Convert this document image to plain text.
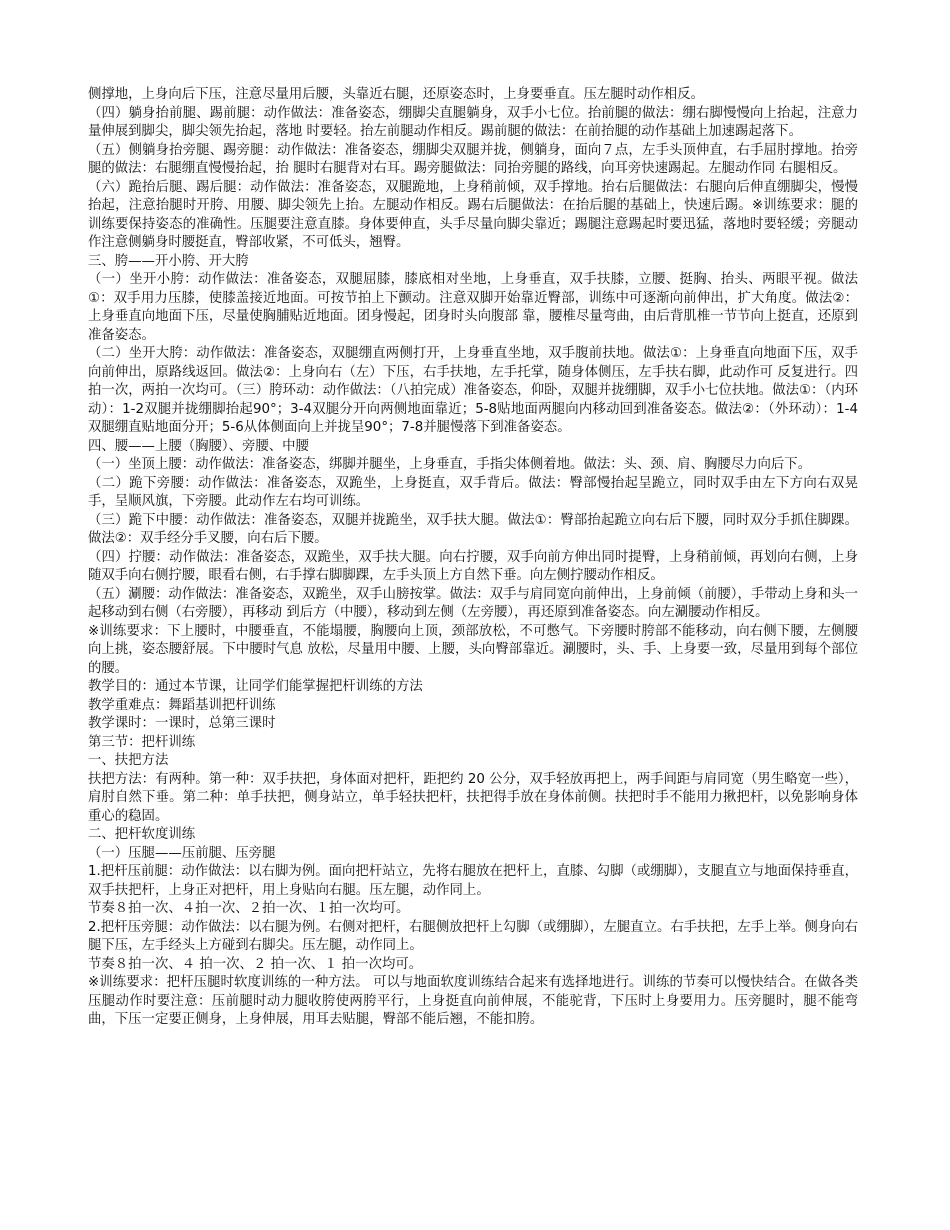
侧撑地，上身向后下压，注意尽量用后腰，头靠近右腿，还原姿态时，上身要垂直。压左腿时动作相反。

（四）躺身抬前腿、踢前腿：动作做法：准备姿态，绷脚尖直腿躺身，双手小七位。抬前腿的做法：绷右脚慢慢向上抬起，注意力量伸展到脚尖，脚尖领先抬起，落地 时要轻。抬左前腿动作相反。踢前腿的做法：在前抬腿的动作基础上加速踢起落下。

（五）侧躺身抬旁腿、踢旁腿：动作做法：准备姿态，绷脚尖双腿并拢，侧躺身，面向７点，左手头顶伸直，右手屈肘撑地。抬旁腿的做法：右腿绷直慢慢抬起，抬 腿时右腿背对右耳。踢旁腿做法：同抬旁腿的路线，向耳旁快速踢起。左腿动作同 右腿相反。

（六）跪抬后腿、踢后腿：动作做法：准备姿态，双腿跪地，上身稍前倾，双手撑地。抬右后腿做法：右腿向后伸直绷脚尖，慢慢抬起，注意抬腿时开胯、用腰、脚尖领先上抬。左腿动作相反。踢右后腿做法：在抬后腿的基础上，快速后踢。※训练要求：腿的训练要保持姿态的准确性。压腿要注意直膝。身体要伸直，头手尽量向脚尖靠近；踢腿注意踢起时要迅猛，落地时要轻缓；旁腿动作注意侧躺身时腰挺直，臀部收紧，不可低头，翘臀。

三、胯——开小胯、开大胯

（一）坐开小胯：动作做法：准备姿态，双腿屈膝，膝底相对坐地，上身垂直，双手扶膝，立腰、挺胸、抬头、两眼平视。做法①：双手用力压膝，使膝盖接近地面。可按节拍上下颤动。注意双脚开始靠近臀部，训练中可逐渐向前伸出，扩大角度。做法②：上身垂直向地面下压，尽量使胸脯贴近地面。团身慢起，团身时头向腹部 靠，腰椎尽量弯曲，由后背肌椎一节节向上挺直，还原到准备姿态。

（二）坐开大胯：动作做法：准备姿态，双腿绷直两侧打开，上身垂直坐地，双手腹前扶地。做法①：上身垂直向地面下压，双手向前伸出，原路线返回。做法②：上身向右（左）下压，右手扶地，左手托掌，随身体侧压，左手扶右脚，此动作可 反复进行。四拍一次，两拍一次均可。（三）胯环动：动作做法：（八拍完成）准备姿态，仰卧，双腿并拢绷脚，双手小七位扶地。做法①：（内环动）：1-2双腿并拢绷脚抬起90°；3-4双腿分开向两侧地面靠近；5-8贴地面两腿向内移动回到准备姿态。做法②：（外环动）：1-4 双腿绷直贴地面分开；5-6从体侧面向上并拢呈90°；7-8并腿慢落下到准备姿态。

四、腰——上腰（胸腰）、旁腰、中腰

（一）坐顶上腰：动作做法：准备姿态，绑脚并腿坐，上身垂直，手指尖体侧着地。做法：头、颈、肩、胸腰尽力向后下。

（二）跪下旁腰：动作做法：准备姿态，双跪坐，上身挺直，双手背后。做法：臀部慢抬起呈跪立，同时双手由左下方向右双晃手，呈顺风旗，下旁腰。此动作左右均可训练。

（三）跪下中腰：动作做法：准备姿态，双腿并拢跪坐，双手扶大腿。做法①：臀部抬起跪立向右后下腰，同时双分手抓住脚踝。做法②：双手经分手叉腰，向右后下腰。

（四）拧腰：动作做法：准备姿态，双跪坐，双手扶大腿。向右拧腰，双手向前方伸出同时提臀，上身稍前倾，再划向右侧，上身随双手向右侧拧腰，眼看右侧，右手撑右脚脚踝，左手头顶上方自然下垂。向左侧拧腰动作相反。

（五）涮腰：动作做法：准备姿态，双跪坐，双手山膀按掌。做法：双手与肩同宽向前伸出，上身前倾（前腰），手带动上身和头一起移动到右侧（右旁腰），再移动 到后方（中腰），移动到左侧（左旁腰），再还原到准备姿态。向左涮腰动作相反。

※训练要求：下上腰时，中腰垂直，不能塌腰，胸腰向上顶，颈部放松，不可憋气。下旁腰时胯部不能移动，向右侧下腰，左侧腰向上挑，姿态腰舒展。下中腰时气息 放松，尽量用中腰、上腰，头向臀部靠近。涮腰时，头、手、上身要一致，尽量用到每个部位的腰。

教学目的：通过本节课，让同学们能掌握把杆训练的方法

教学重难点：舞蹈基训把杆训练

教学课时：一课时，总第三课时

第三节：把杆训练

一、扶把方法

扶把方法：有两种。第一种：双手扶把，身体面对把杆，距把约 20 公分，双手轻放再把上，两手间距与肩同宽（男生略宽一些），肩肘自然下垂。第二种：单手扶把，侧身站立，单手轻扶把杆，扶把得手放在身体前侧。扶把时手不能用力揪把杆，以免影响身体重心的稳固。

二、把杆软度训练

（一）压腿——压前腿、压旁腿

1.把杆压前腿：动作做法：以右脚为例。面向把杆站立，先将右腿放在把杆上，直膝、勾脚（或绷脚），支腿直立与地面保持垂直，双手扶把杆，上身正对把杆，用上身贴向右腿。压左腿，动作同上。

节奏８拍一次、４拍一次、２拍一次、１拍一次均可。

2.把杆压旁腿：动作做法：以右腿为例。右侧对把杆，右腿侧放把杆上勾脚（或绷脚），左腿直立。右手扶把，左手上举。侧身向右腿下压，左手经头上方碰到右脚尖。压左腿，动作同上。

节奏８拍一次、４ 拍一次、２ 拍一次、１ 拍一次均可。

※训练要求：把杆压腿时软度训练的一种方法。 可以与地面软度训练结合起来有选择地进行。训练的节奏可以慢快结合。在做各类压腿动作时要注意：压前腿时动力腿收胯使两胯平行，上身挺直向前伸展，不能驼背，下压时上身要用力。压旁腿时，腿不能弯曲，下压一定要正侧身，上身伸展，用耳去贴腿，臀部不能后翘，不能扣胯。
